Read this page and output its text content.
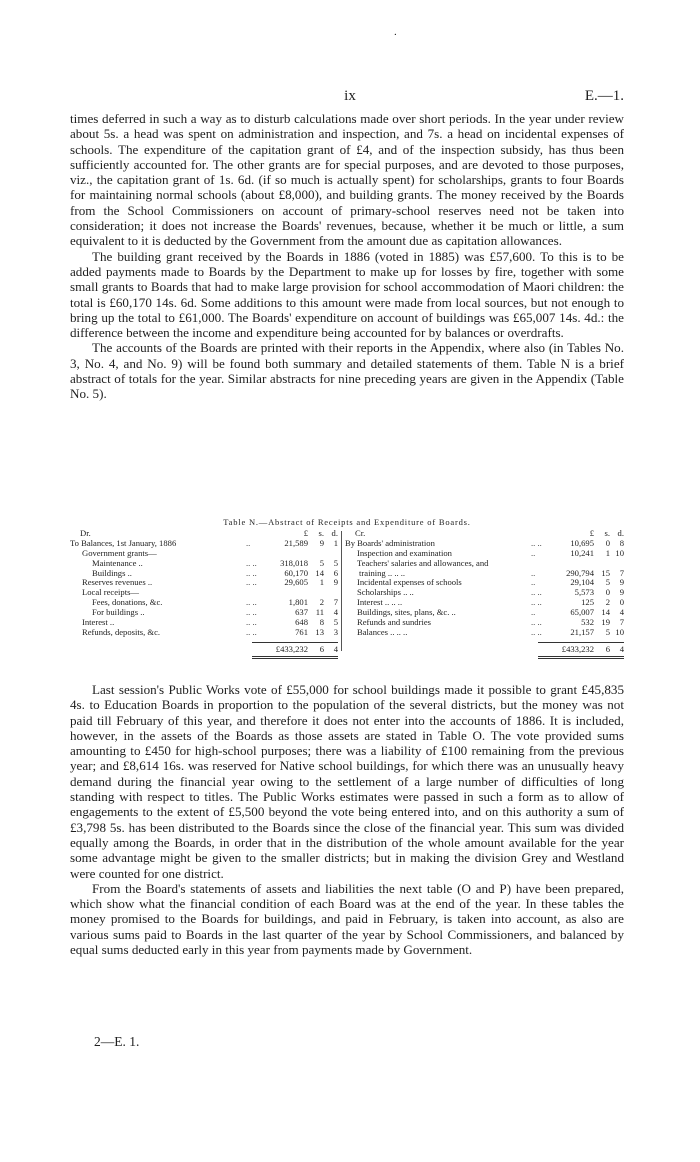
.
ix	E.—1.

times deferred in such a way as to disturb calculations made over short periods. In the year under review about 5s. a head was spent on administration and inspection, and 7s. a head on incidental expenses of schools. The expenditure of the capitation grant of £4, and of the inspection subsidy, has thus been sufficiently accounted for. The other grants are for special purposes, and are devoted to those purposes, viz., the capitation grant of 1s. 6d. (if so much is actually spent) for scholarships, grants to four Boards for maintaining normal schools (about £8,000), and building grants. The money received by the Boards from the School Commissioners on account of primary-school reserves need not be taken into consideration; it does not increase the Boards' revenues, because, whether it be much or little, a sum equivalent to it is deducted by the Government from the amount due as capitation allowances.

The building grant received by the Boards in 1886 (voted in 1885) was £57,600. To this is to be added payments made to Boards by the Department to make up for losses by fire, together with some small grants to Boards that had to make large provision for school accommodation of Maori children: the total is £60,170 14s. 6d. Some additions to this amount were made from local sources, but not enough to bring up the total to £61,000. The Boards' expenditure on account of buildings was £65,007 14s. 4d.: the difference between the income and expenditure being accounted for by balances or overdrafts.

The accounts of the Boards are printed with their reports in the Appendix, where also (in Tables No. 3, No. 4, and No. 9) will be found both summary and detailed statements of them. Table N is a brief abstract of totals for the year. Similar abstracts for nine preceding years are given in the Appendix (Table No. 5).

Table N.—Abstract of Receipts and Expenditure of Boards.
Dr.	£ s. d.
To Balances, 1st January, 1886	..	21,589 9 1
Government grants—
Maintenance ..	.. ..	318,018 5 5
Buildings ..	.. ..	60,170 14 6
Reserves revenues ..	.. ..	29,605 1 9
Local receipts—
Fees, donations, &c.	.. ..	1,801 2 7
For buildings ..	.. ..	637 11 4
Interest ..	.. ..	648 8 5
Refunds, deposits, &c.	.. ..	761 13 3
£433,232 6 4
Cr.	£ s. d.
By Boards' administration	.. ..	10,695 0 8
Inspection and examination	..	10,241 1 10
Teachers' salaries and allowances, and
training .. .. ..	..	290,794 15 7
Incidental expenses of schools	..	29,104 5 9
Scholarships .. ..	.. ..	5,573 0 9
Interest .. .. ..	.. ..	125 2 0
Buildings, sites, plans, &c. ..	..	65,007 14 4
Refunds and sundries	.. ..	532 19 7
Balances .. .. ..	.. ..	21,157 5 10
£433,232 6 4

Last session's Public Works vote of £55,000 for school buildings made it possible to grant £45,835 4s. to Education Boards in proportion to the population of the several districts, but the money was not paid till February of this year, and therefore it does not enter into the accounts of 1886. It is included, however, in the assets of the Boards as those assets are stated in Table O. The vote provided sums amounting to £450 for high-school purposes; there was a liability of £100 remaining from the previous year; and £8,614 16s. was reserved for Native school buildings, for which there was an unusually heavy demand during the financial year owing to the settlement of a large number of difficulties of long standing with respect to titles. The Public Works estimates were passed in such a form as to allow of engagements to the extent of £5,500 beyond the vote being entered into, and on this authority a sum of £3,798 5s. has been distributed to the Boards since the close of the financial year. This sum was divided equally among the Boards, in order that in the distribution of the whole amount available for the year some advantage might be given to the smaller districts; but in making the division Grey and Westland were counted for one district.

From the Board's statements of assets and liabilities the next table (O and P) have been prepared, which show what the financial condition of each Board was at the end of the year. In these tables the money promised to the Boards for buildings, and paid in February, is taken into account, as also are various sums paid to Boards in the last quarter of the year by School Commissioners, and balanced by equal sums deducted early in this year from payments made by Government.

2—E. 1.
